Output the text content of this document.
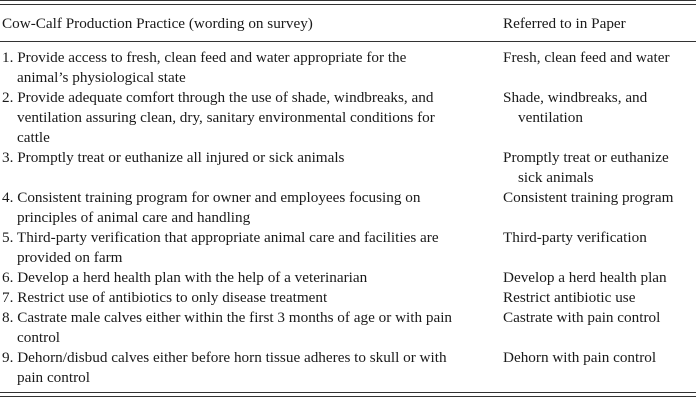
Cow-Calf Production Practice (wording on survey)	Referred to in Paper
1. Provide access to fresh, clean feed and water appropriate for the animal’s physiological state	Fresh, clean feed and water

2. Provide adequate comfort through the use of shade, windbreaks, and ventilation assuring clean, dry, sanitary environmental conditions for cattle	Shade, windbreaks, and ventilation

3. Promptly treat or euthanize all injured or sick animals	Promptly treat or euthanize sick animals

4. Consistent training program for owner and employees focusing on principles of animal care and handling	Consistent training program

5. Third-party verification that appropriate animal care and facilities are provided on farm	Third-party verification

6. Develop a herd health plan with the help of a veterinarian	Develop a herd health plan

7. Restrict use of antibiotics to only disease treatment	Restrict antibiotic use

8. Castrate male calves either within the first 3 months of age or with pain control	Castrate with pain control

9. Dehorn/disbud calves either before horn tissue adheres to skull or with pain control	Dehorn with pain control
